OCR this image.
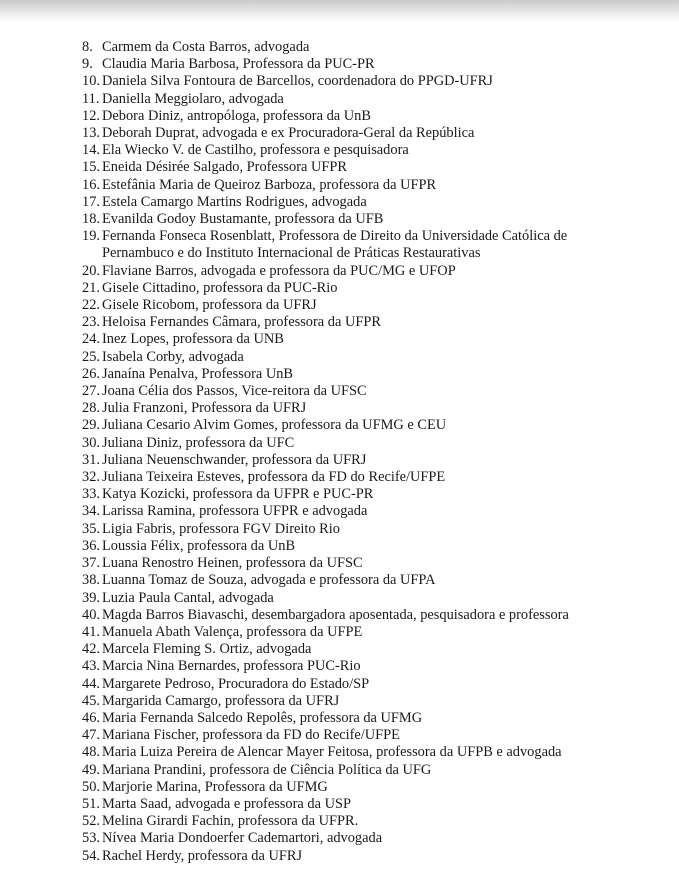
8. Carmem da Costa Barros, advogada
9. Claudia Maria Barbosa, Professora da PUC-PR
10. Daniela Silva Fontoura de Barcellos, coordenadora do PPGD-UFRJ
11. Daniella Meggiolaro, advogada
12. Debora Diniz, antropóloga, professora da UnB
13. Deborah Duprat, advogada e ex Procuradora-Geral da República
14. Ela Wiecko V. de Castilho, professora e pesquisadora
15. Eneida Désirée Salgado, Professora UFPR
16. Estefânia Maria de Queiroz Barboza, professora da UFPR
17. Estela Camargo Martins Rodrigues, advogada
18. Evanilda Godoy Bustamante, professora da UFB
19. Fernanda Fonseca Rosenblatt, Professora de Direito da Universidade Católica de
Pernambuco e do Instituto Internacional de Práticas Restaurativas
20. Flaviane Barros, advogada e professora da PUC/MG e UFOP
21. Gisele Cittadino, professora da PUC-Rio
22. Gisele Ricobom, professora da UFRJ
23. Heloisa Fernandes Câmara, professora da UFPR
24. Inez Lopes, professora da UNB
25. Isabela Corby, advogada
26. Janaína Penalva, Professora UnB
27. Joana Célia dos Passos, Vice-reitora da UFSC
28. Julia Franzoni, Professora da UFRJ
29. Juliana Cesario Alvim Gomes, professora da UFMG e CEU
30. Juliana Diniz, professora da UFC
31. Juliana Neuenschwander, professora da UFRJ
32. Juliana Teixeira Esteves, professora da FD do Recife/UFPE
33. Katya Kozicki, professora da UFPR e PUC-PR
34. Larissa Ramina, professora UFPR e advogada
35. Ligia Fabris, professora FGV Direito Rio
36. Loussia Félix, professora da UnB
37. Luana Renostro Heinen, professora da UFSC
38. Luanna Tomaz de Souza, advogada e professora da UFPA
39. Luzia Paula Cantal, advogada
40. Magda Barros Biavaschi, desembargadora aposentada, pesquisadora e professora
41. Manuela Abath Valença, professora da UFPE
42. Marcela Fleming S. Ortiz, advogada
43. Marcia Nina Bernardes, professora PUC-Rio
44. Margarete Pedroso, Procuradora do Estado/SP
45. Margarida Camargo, professora da UFRJ
46. Maria Fernanda Salcedo Repolês, professora da UFMG
47. Mariana Fischer, professora da FD do Recife/UFPE
48. Maria Luiza Pereira de Alencar Mayer Feitosa, professora da UFPB e advogada
49. Mariana Prandini, professora de Ciência Política da UFG
50. Marjorie Marina, Professora da UFMG
51. Marta Saad, advogada e professora da USP
52. Melina Girardi Fachin, professora da UFPR.
53. Nívea Maria Dondoerfer Cademartori, advogada
54. Rachel Herdy, professora da UFRJ
